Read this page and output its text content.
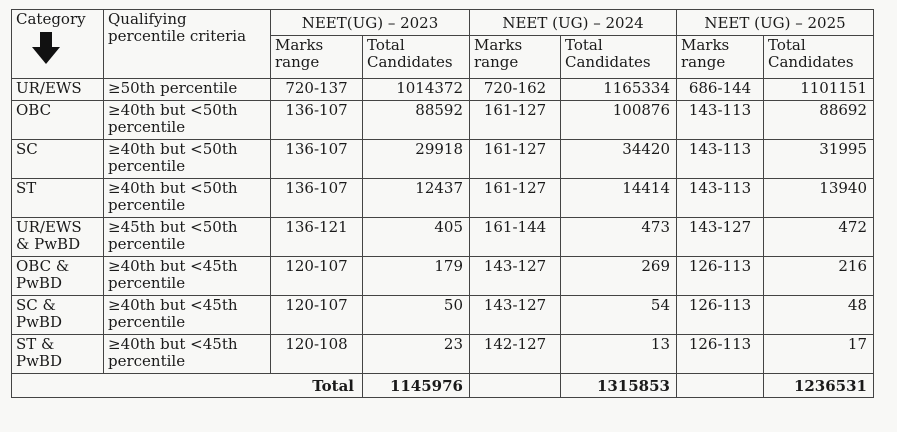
Category	Qualifying percentile criteria	NEET(UG) – 2023		NEET (UG) – 2024		NEET (UG) – 2025	
		Marks range	Total Candidates	Marks range	Total Candidates	Marks range	Total Candidates
UR/EWS	≥50th percentile	720-137	1014372	720-162	1165334	686-144	1101151
OBC	≥40th but <50th percentile	136-107	88592	161-127	100876	143-113	88692
SC	≥40th but <50th percentile	136-107	29918	161-127	34420	143-113	31995
ST	≥40th but <50th percentile	136-107	12437	161-127	14414	143-113	13940
UR/EWS & PwBD	≥45th but <50th percentile	136-121	405	161-144	473	143-127	472
OBC & PwBD	≥40th but <45th percentile	120-107	179	143-127	269	126-113	216
SC & PwBD	≥40th but <45th percentile	120-107	50	143-127	54	126-113	48
ST & PwBD	≥40th but <45th percentile	120-108	23	142-127	13	126-113	17
Total			1145976		1315853		1236531
